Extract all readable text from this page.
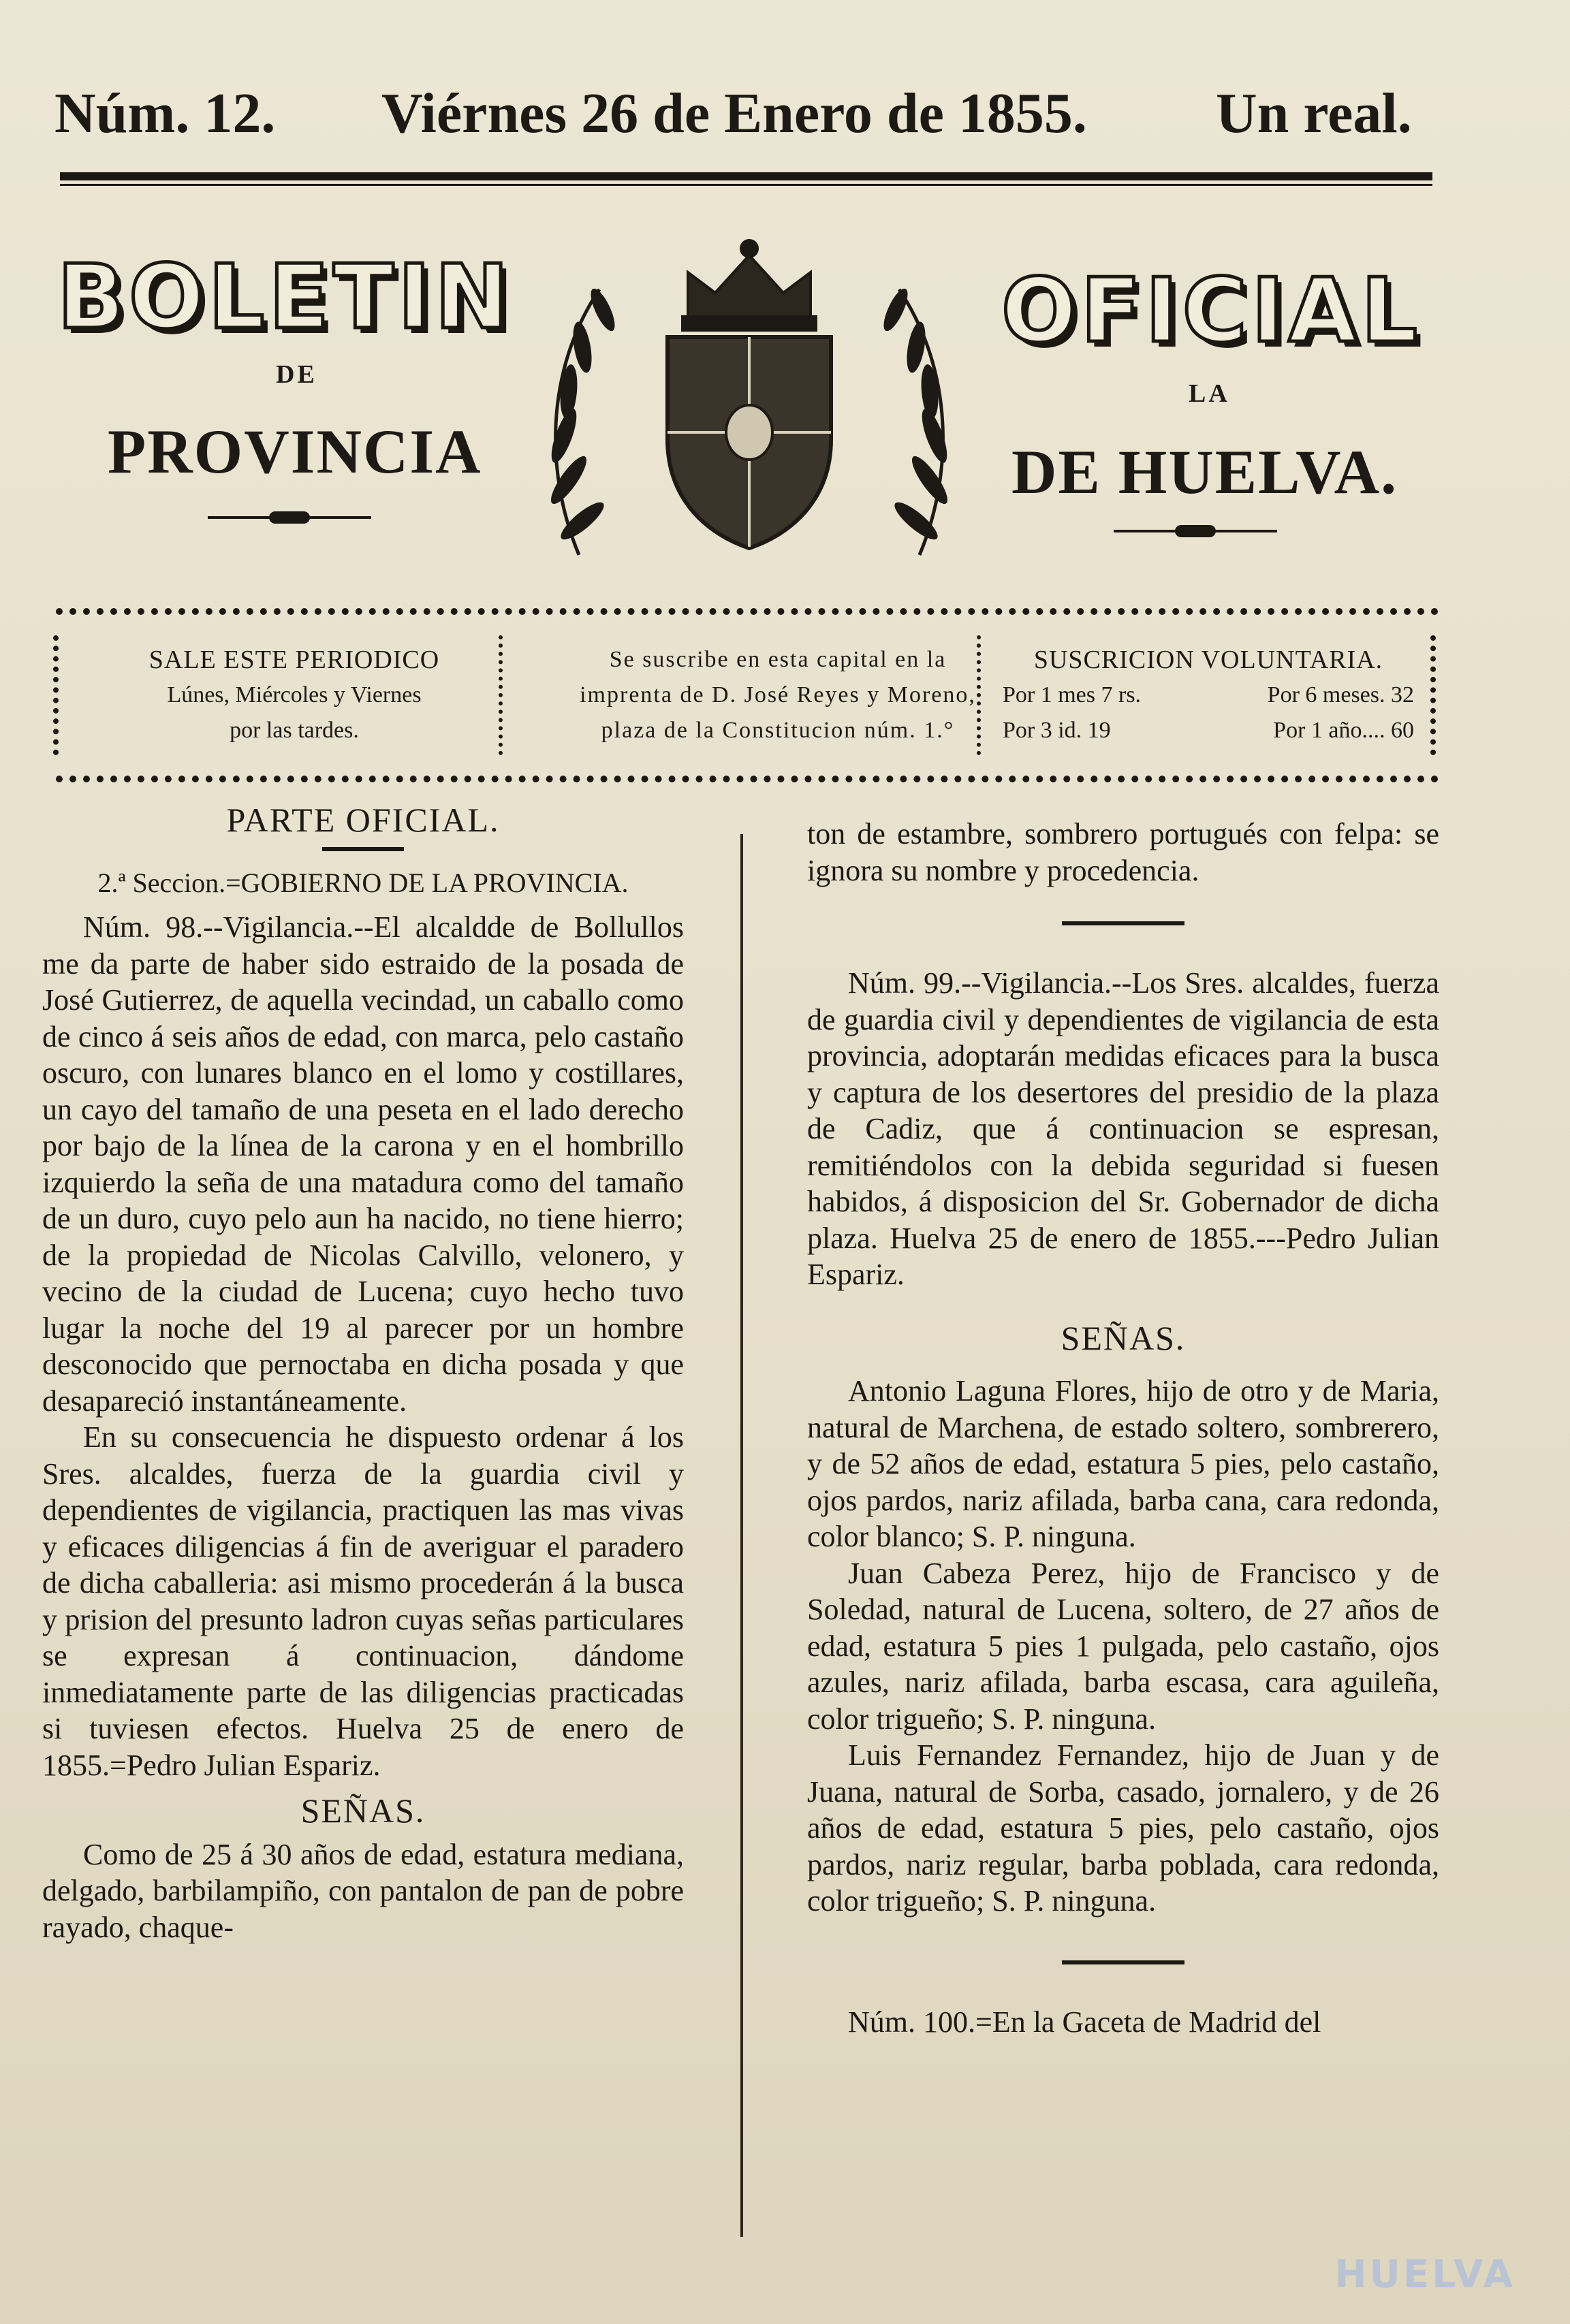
Núm. 12. Viérnes 26 de Enero de 1855. Un real.
BOLETIN	OFICIAL
DE
LA
PROVINCIA	DE HUELVA.
SALE ESTE PERIODICO
Lúnes, Miércoles y Viernes
por las tardes.
Se suscribe en esta capital en la
imprenta de D. José Reyes y Moreno,
plaza de la Constitucion núm. 1.°
SUSCRICION VOLUNTARIA.
Por 1 mes 7 rs.	Por 6 meses. 32
Por 3 id. 19	Por 1 año.... 60

PARTE OFICIAL.

2.ª Seccion.=GOBIERNO DE LA PROVINCIA.

Núm. 98.--Vigilancia.--El alcaldde de Bollullos me da parte de haber sido estraido de la posada de José Gutierrez, de aquella vecindad, un caballo como de cinco á seis años de edad, con marca, pelo castaño oscuro, con lunares blanco en el lomo y costillares, un cayo del tamaño de una peseta en el lado derecho por bajo de la línea de la carona y en el hombrillo izquierdo la seña de una matadura como del tamaño de un duro, cuyo pelo aun ha nacido, no tiene hierro; de la propiedad de Nicolas Calvillo, velonero, y vecino de la ciudad de Lucena; cuyo hecho tuvo lugar la noche del 19 al parecer por un hombre desconocido que pernoctaba en dicha posada y que desapareció instantáneamente.

En su consecuencia he dispuesto ordenar á los Sres. alcaldes, fuerza de la guardia civil y dependientes de vigilancia, practiquen las mas vivas y eficaces diligencias á fin de averiguar el paradero de dicha caballeria: asi mismo procederán á la busca y prision del presunto ladron cuyas señas particulares se expresan á continuacion, dándome inmediatamente parte de las diligencias practicadas si tuviesen efectos. Huelva 25 de enero de 1855.=Pedro Julian Espariz.

SEÑAS.

Como de 25 á 30 años de edad, estatura mediana, delgado, barbilampiño, con pantalon de pan de pobre rayado, chaque-

ton de estambre, sombrero portugués con felpa: se ignora su nombre y procedencia.

Núm. 99.--Vigilancia.--Los Sres. alcaldes, fuerza de guardia civil y dependientes de vigilancia de esta provincia, adoptarán medidas eficaces para la busca y captura de los desertores del presidio de la plaza de Cadiz, que á continuacion se espresan, remitiéndolos con la debida seguridad si fuesen habidos, á disposicion del Sr. Gobernador de dicha plaza. Huelva 25 de enero de 1855.---Pedro Julian Espariz.

SEÑAS.

Antonio Laguna Flores, hijo de otro y de Maria, natural de Marchena, de estado soltero, sombrerero, y de 52 años de edad, estatura 5 pies, pelo castaño, ojos pardos, nariz afilada, barba cana, cara redonda, color blanco; S. P. ninguna.

Juan Cabeza Perez, hijo de Francisco y de Soledad, natural de Lucena, soltero, de 27 años de edad, estatura 5 pies 1 pulgada, pelo castaño, ojos azules, nariz afilada, barba escasa, cara aguileña, color trigueño; S. P. ninguna.

Luis Fernandez Fernandez, hijo de Juan y de Juana, natural de Sorba, casado, jornalero, y de 26 años de edad, estatura 5 pies, pelo castaño, ojos pardos, nariz regular, barba poblada, cara redonda, color trigueño; S. P. ninguna.

Núm. 100.=En la Gaceta de Madrid del

HUELVA
